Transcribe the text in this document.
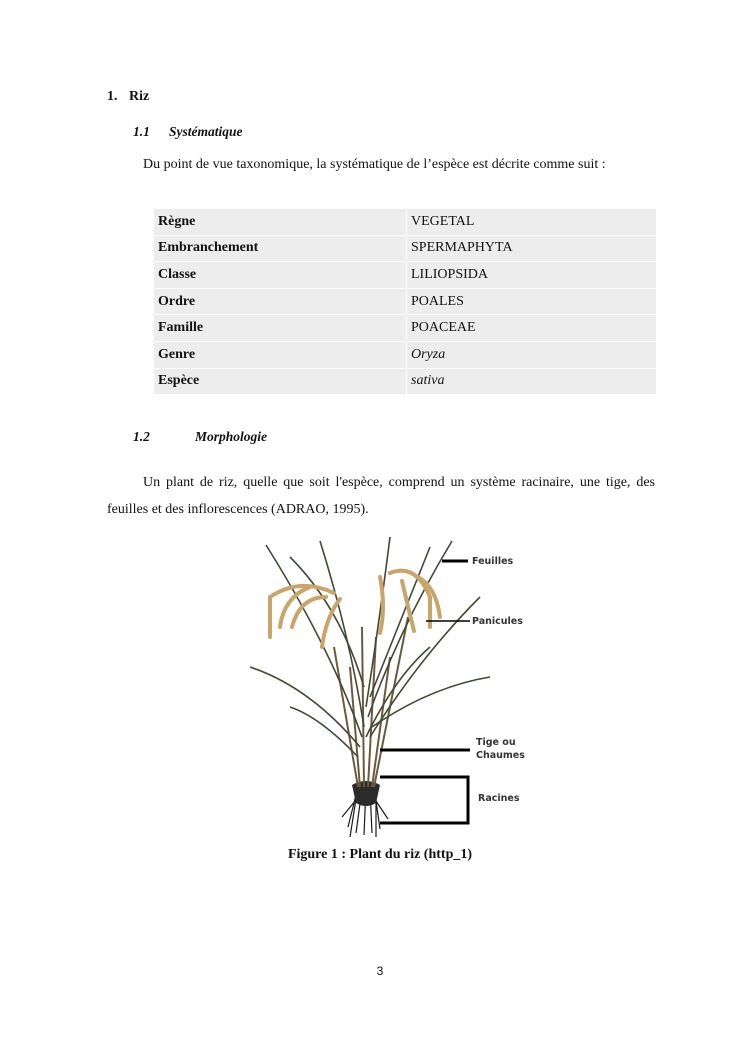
1. Riz
1.1 Systématique
Du point de vue taxonomique, la systématique de l’espèce est décrite comme suit :
Règne	VEGETAL
Embranchement	SPERMAPHYTA
Classe	LILIOPSIDA
Ordre	POALES
Famille	POACEAE
Genre	Oryza
Espèce	sativa
1.2	Morphologie
Un plant de riz, quelle que soit l'espèce, comprend un système racinaire, une tige, des feuilles et des inflorescences (ADRAO, 1995).
Feuilles
Panicules
Tige ou
Chaumes
Racines
Figure 1 : Plant du riz (http_1)
3
